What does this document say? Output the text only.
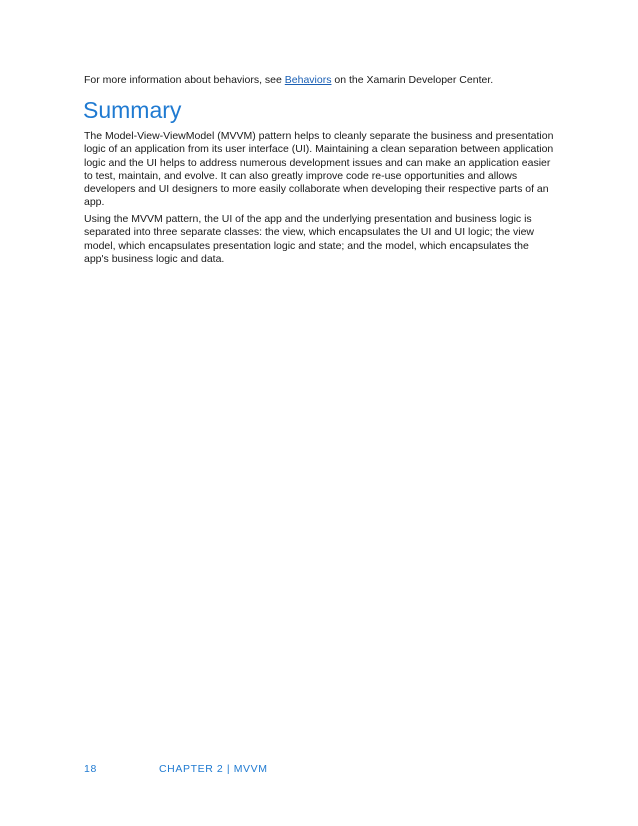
For more information about behaviors, see Behaviors on the Xamarin Developer Center.

Summary

The Model-View-ViewModel (MVVM) pattern helps to cleanly separate the business and presentation logic of an application from its user interface (UI). Maintaining a clean separation between application logic and the UI helps to address numerous development issues and can make an application easier to test, maintain, and evolve. It can also greatly improve code re-use opportunities and allows developers and UI designers to more easily collaborate when developing their respective parts of an app.

Using the MVVM pattern, the UI of the app and the underlying presentation and business logic is separated into three separate classes: the view, which encapsulates the UI and UI logic; the view model, which encapsulates presentation logic and state; and the model, which encapsulates the app's business logic and data.

18	CHAPTER 2 | MVVM
